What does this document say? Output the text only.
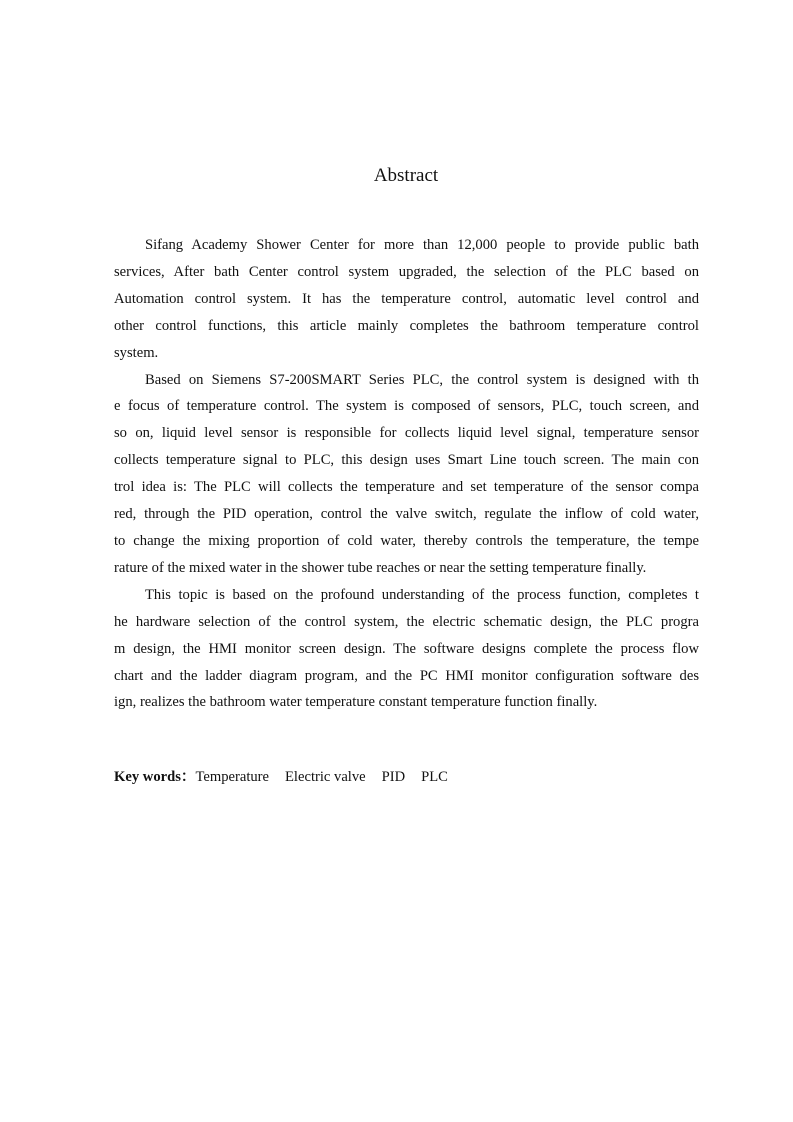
Abstract

Sifang Academy Shower Center for more than 12,000 people to provide public bath
services, After bath Center control system upgraded, the selection of the PLC based on
Automation control system. It has the temperature control, automatic level control and
other control functions, this article mainly completes the bathroom temperature control
system.

Based on Siemens S7-200SMART Series PLC, the control system is designed with th
e focus of temperature control. The system is composed of sensors, PLC, touch screen, and
so on, liquid level sensor is responsible for collects liquid level signal, temperature sensor
collects temperature signal to PLC, this design uses Smart Line touch screen. The main con
trol idea is: The PLC will collects the temperature and set temperature of the sensor compa
red, through the PID operation, control the valve switch, regulate the inflow of cold water,
to change the mixing proportion of cold water, thereby controls the temperature, the tempe
rature of the mixed water in the shower tube reaches or near the setting temperature finally.

This topic is based on the profound understanding of the process function, completes t
he hardware selection of the control system, the electric schematic design, the PLC progra
m design, the HMI monitor screen design. The software designs complete the process flow
chart and the ladder diagram program, and the PC HMI monitor configuration software des
ign, realizes the bathroom water temperature constant temperature function finally.

Key words：Temperature Electric valve PID PLC
